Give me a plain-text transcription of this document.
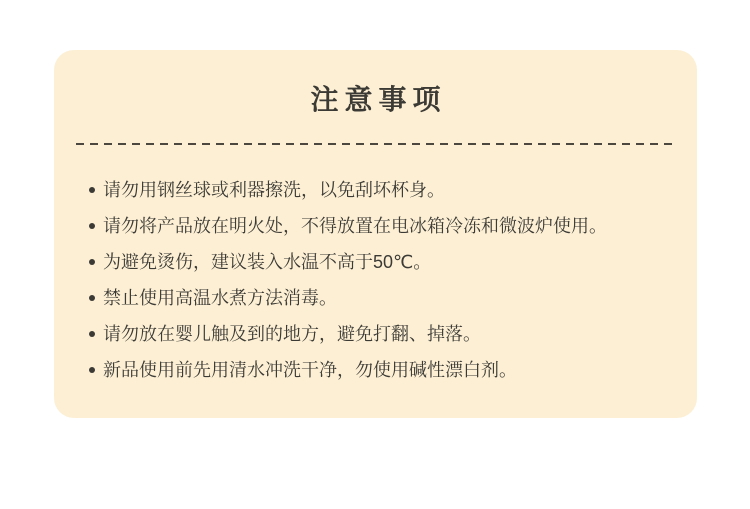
注意事项
请勿用钢丝球或利器擦洗，以免刮坏杯身。
请勿将产品放在明火处，不得放置在电冰箱冷冻和微波炉使用。
为避免烫伤，建议装入水温不高于50℃。
禁止使用高温水煮方法消毒。
请勿放在婴儿触及到的地方，避免打翻、掉落。
新品使用前先用清水冲洗干净，勿使用碱性漂白剂。
